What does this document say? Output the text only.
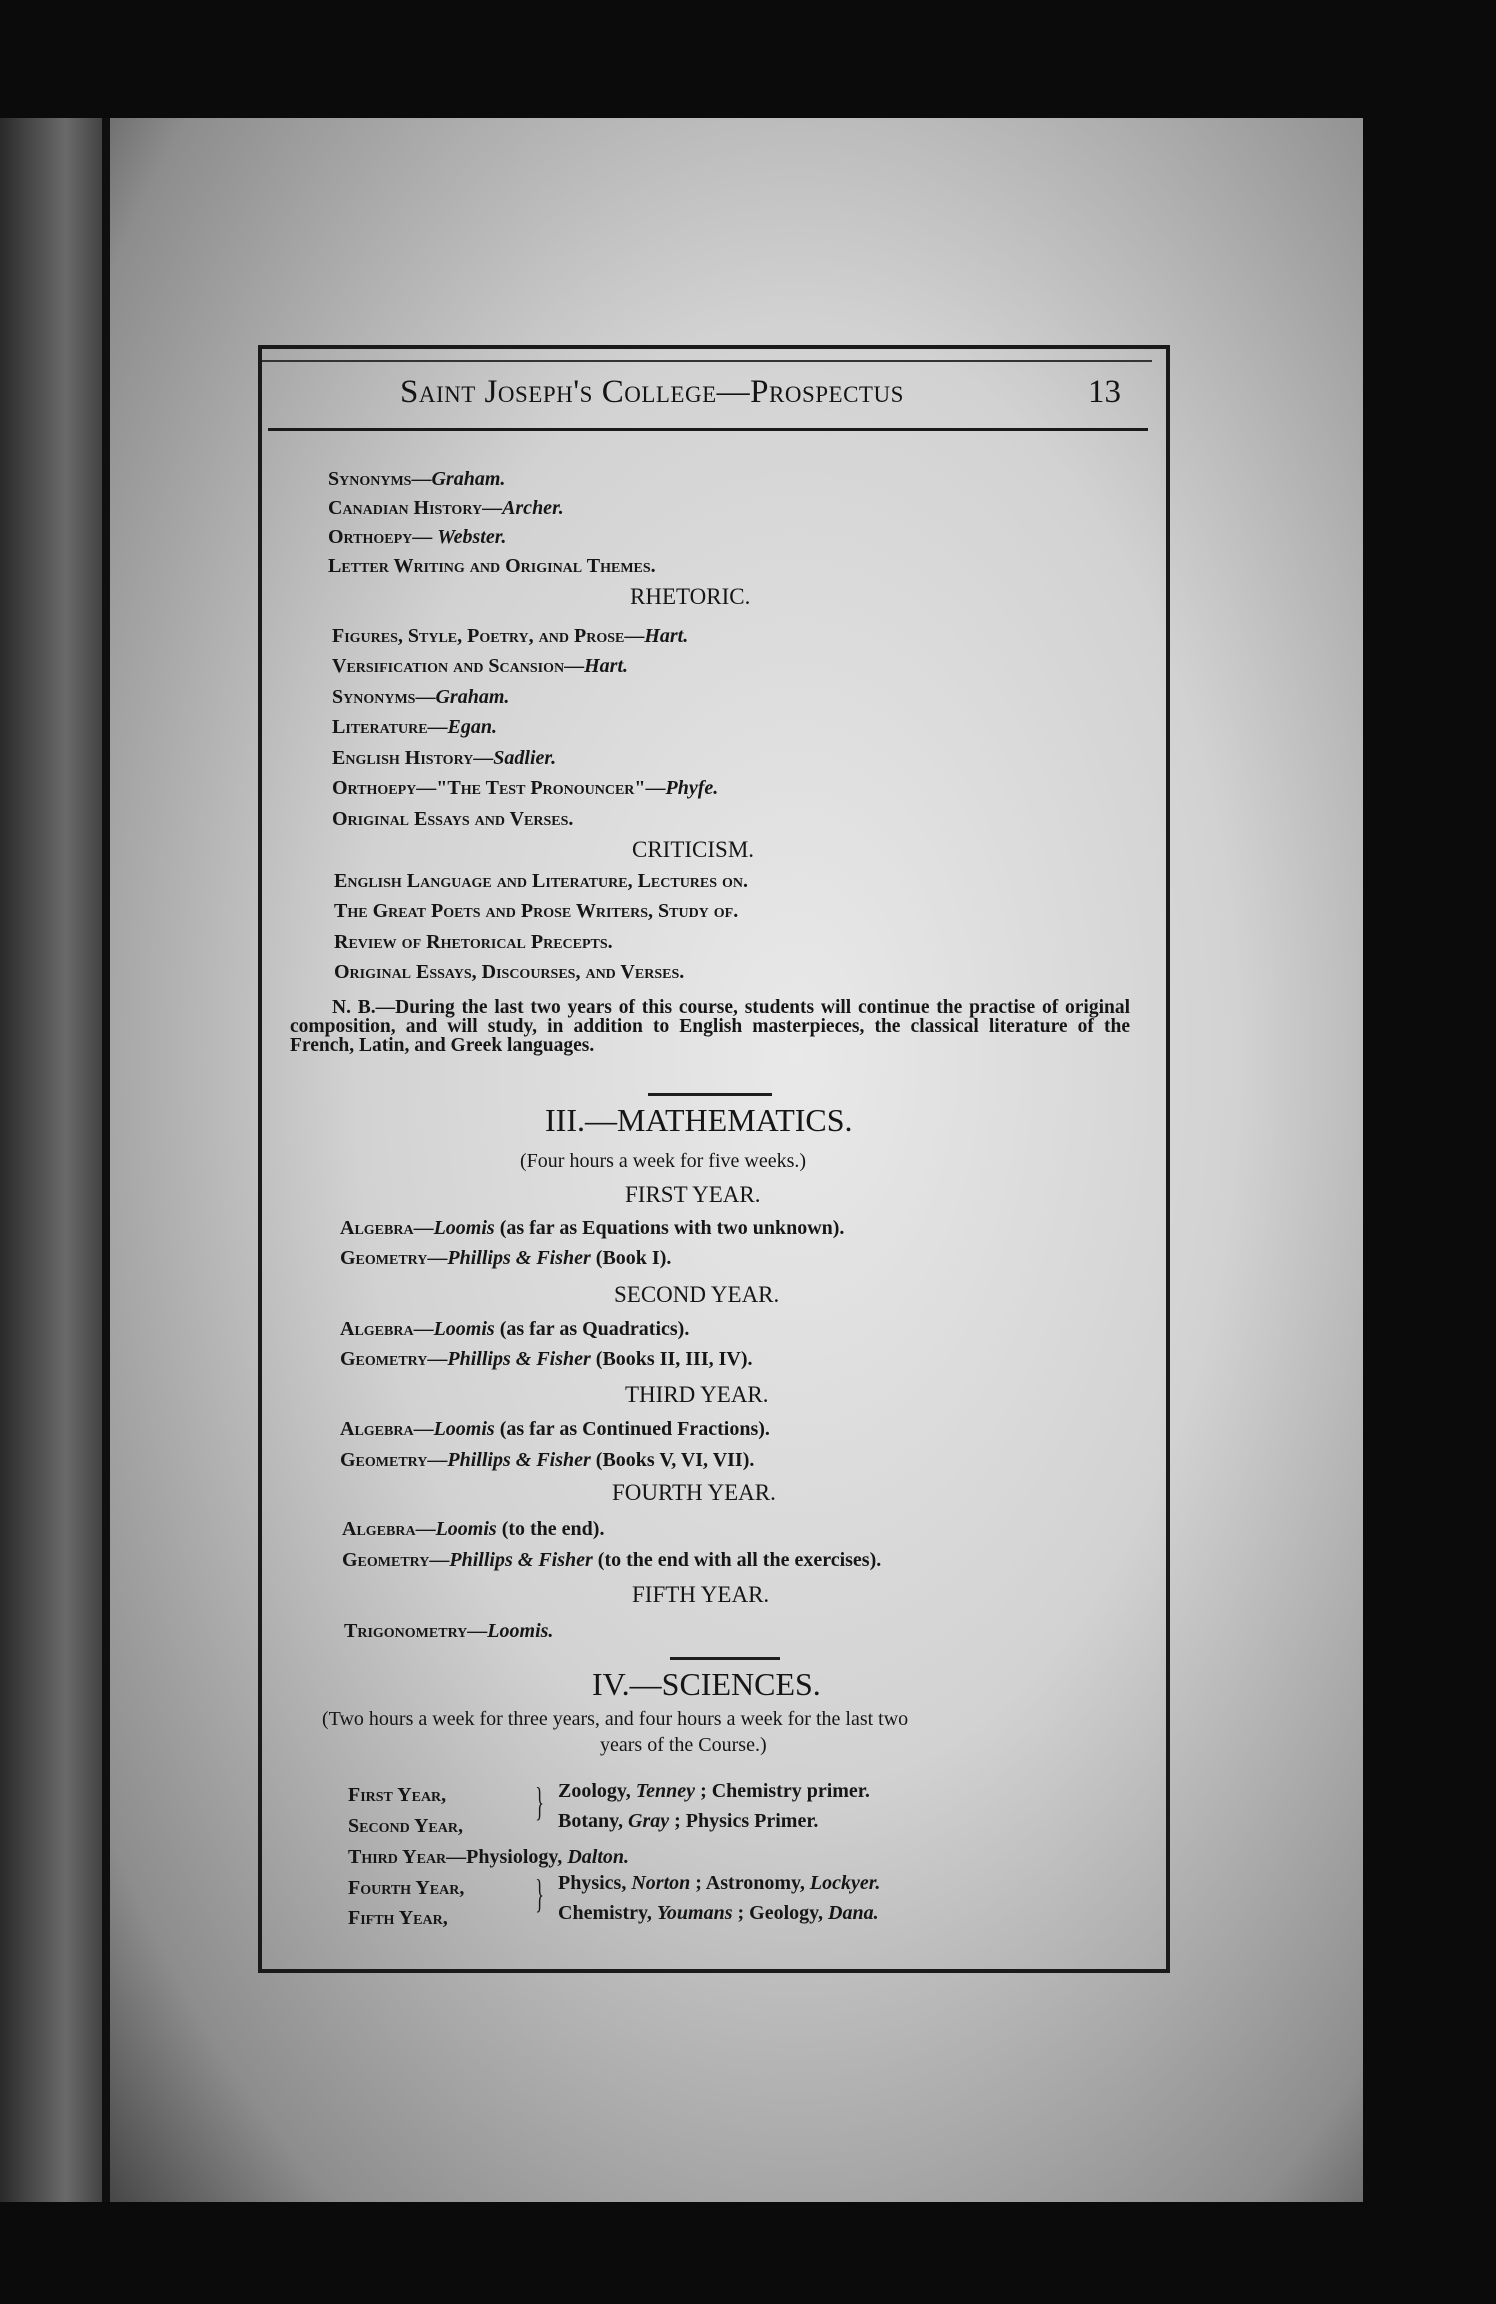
Saint Joseph's College—Prospectus	13
Synonyms—Graham.
Canadian History—Archer.
Orthoepy— Webster.
Letter Writing and Original Themes.
RHETORIC.
Figures, Style, Poetry, and Prose—Hart.
Versification and Scansion—Hart.
Synonyms—Graham.
Literature—Egan.
English History—Sadlier.
Orthoepy—"The Test Pronouncer"—Phyfe.
Original Essays and Verses.
CRITICISM.
English Language and Literature, Lectures on.
The Great Poets and Prose Writers, Study of.
Review of Rhetorical Precepts.
Original Essays, Discourses, and Verses.
N. B.—During the last two years of this course, students will continue the practise of original composition, and will study, in addition to English masterpieces, the classical literature of the French, Latin, and Greek languages.
III.—MATHEMATICS.
(Four hours a week for five weeks.)
FIRST YEAR.
Algebra—Loomis (as far as Equations with two unknown).
Geometry—Phillips & Fisher (Book I).
SECOND YEAR.
Algebra—Loomis (as far as Quadratics).
Geometry—Phillips & Fisher (Books II, III, IV).
THIRD YEAR.
Algebra—Loomis (as far as Continued Fractions).
Geometry—Phillips & Fisher (Books V, VI, VII).
FOURTH YEAR.
Algebra—Loomis (to the end).
Geometry—Phillips & Fisher (to the end with all the exercises).
FIFTH YEAR.
Trigonometry—Loomis.
IV.—SCIENCES.
(Two hours a week for three years, and four hours a week for the last two
years of the Course.)
First Year,
Second Year,
} Zoology, Tenney ; Chemistry primer.
Botany, Gray ; Physics Primer.
Third Year—Physiology, Dalton.
Fourth Year,
Fifth Year,
} Physics, Norton ; Astronomy, Lockyer.
Chemistry, Youmans ; Geology, Dana.
